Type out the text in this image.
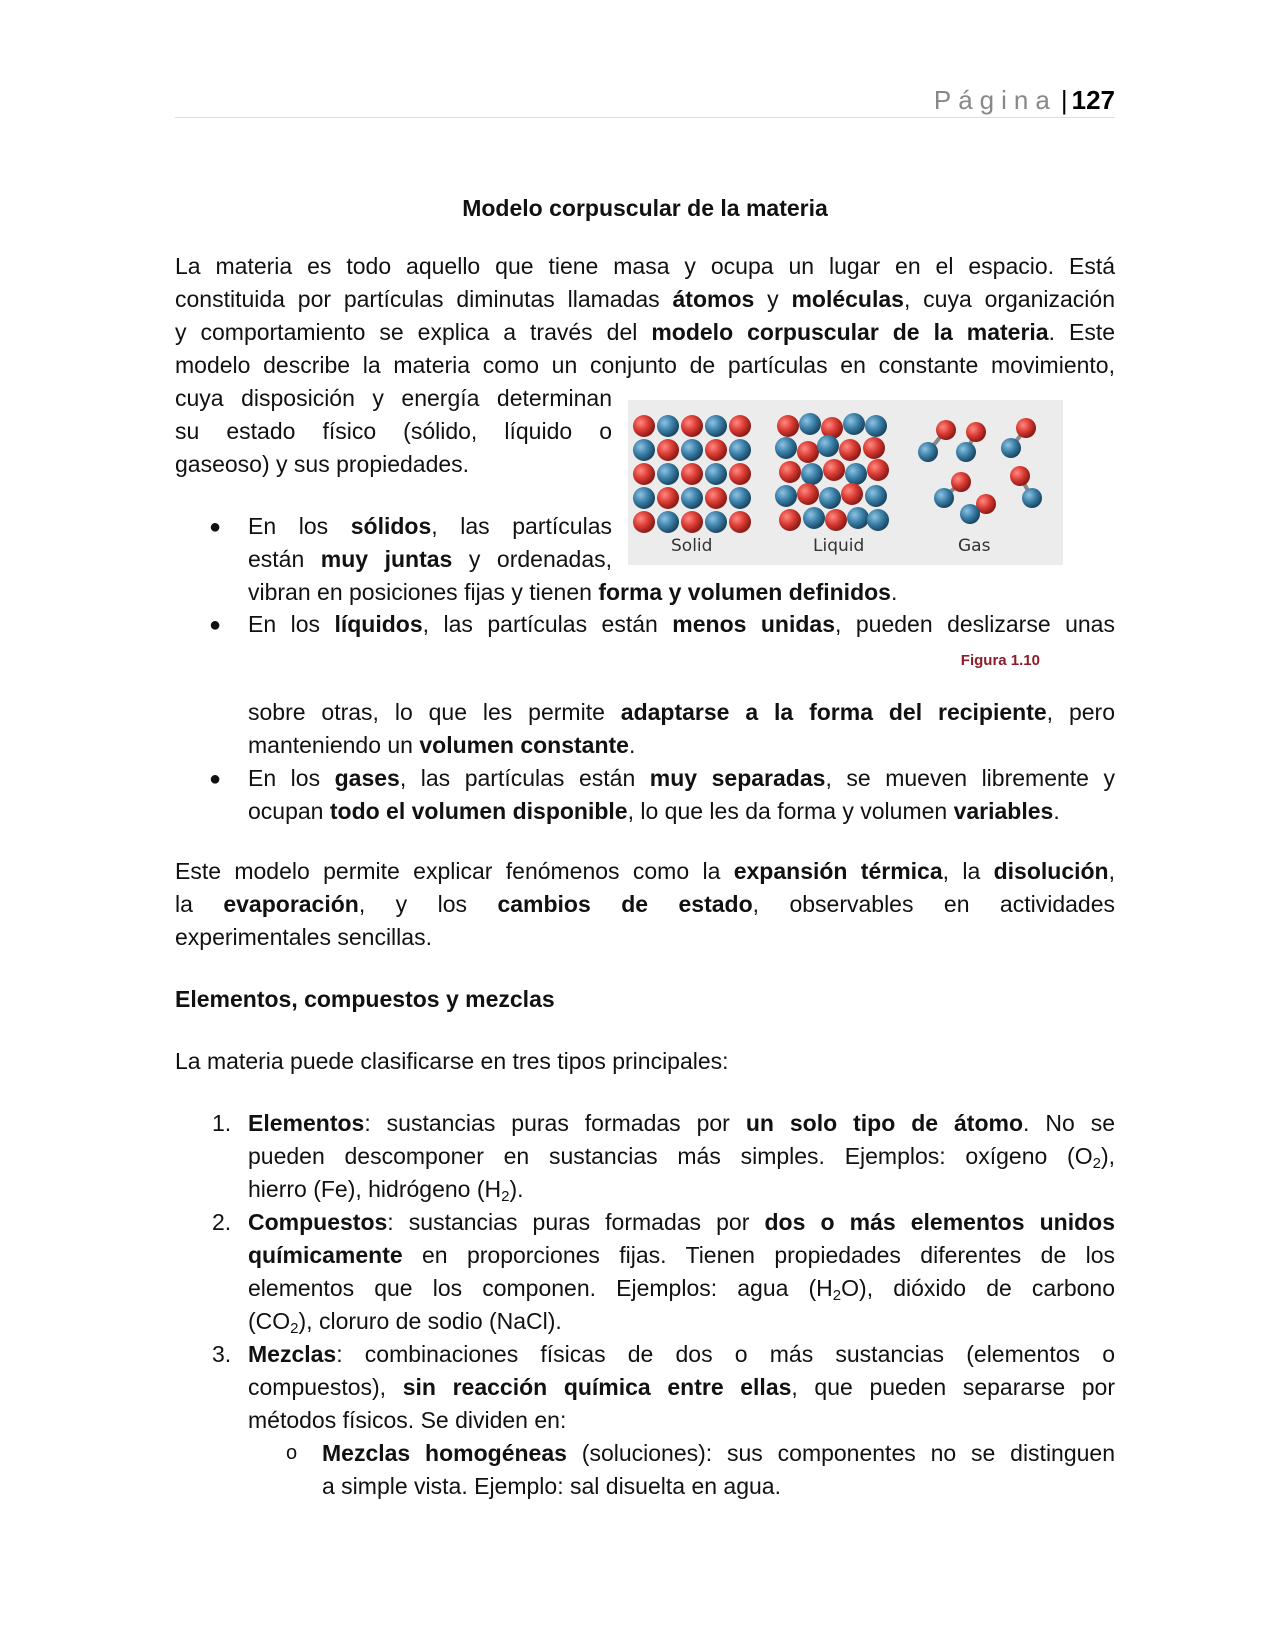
Página | 127
Modelo corpuscular de la materia

La materia es todo aquello que tiene masa y ocupa un lugar en el espacio. Está

constituida por partículas diminutas llamadas átomos y moléculas, cuya organización

y comportamiento se explica a través del modelo corpuscular de la materia. Este

modelo describe la materia como un conjunto de partículas en constante movimiento,

cuya disposición y energía determinan

su estado físico (sólido, líquido o

gaseoso) y sus propiedades.

Solid	Liquid	Gas
● En los sólidos, las partículas

están muy juntas y ordenadas,

vibran en posiciones fijas y tienen forma y volumen definidos.

● En los líquidos, las partículas están menos unidas, pueden deslizarse unas

Figura 1.10

sobre otras, lo que les permite adaptarse a la forma del recipiente, pero

manteniendo un volumen constante.

● En los gases, las partículas están muy separadas, se mueven libremente y

ocupan todo el volumen disponible, lo que les da forma y volumen variables.

Este modelo permite explicar fenómenos como la expansión térmica, la disolución,

la evaporación, y los cambios de estado, observables en actividades

experimentales sencillas.

Elementos, compuestos y mezclas

La materia puede clasificarse en tres tipos principales:

1. Elementos: sustancias puras formadas por un solo tipo de átomo. No se

pueden descomponer en sustancias más simples. Ejemplos: oxígeno $(O_2)$,

hierro (Fe), hidrógeno $(H_2)$.

2. Compuestos: sustancias puras formadas por dos o más elementos unidos

químicamente en proporciones fijas. Tienen propiedades diferentes de los

elementos que los componen. Ejemplos: agua $(H_2O)$, dióxido de carbono

$(CO_2)$, cloruro de sodio (NaCl).

3. Mezclas: combinaciones físicas de dos o más sustancias (elementos o

compuestos), sin reacción química entre ellas, que pueden separarse por

métodos físicos. Se dividen en:

o Mezclas homogéneas (soluciones): sus componentes no se distinguen

a simple vista. Ejemplo: sal disuelta en agua.
